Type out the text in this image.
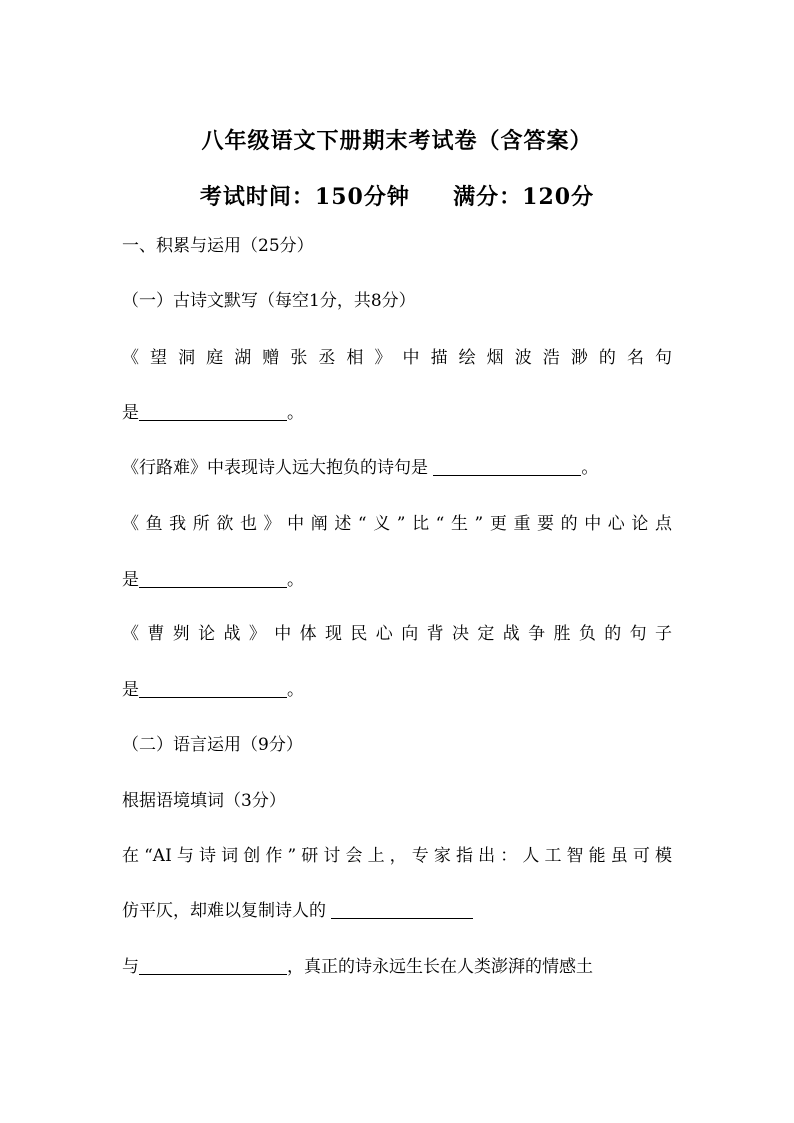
八年级语文下册期末考试卷（含答案）
考试时间：150分钟 满分：120分
一、积累与运用（25分）
（一）古诗文默写（每空1分，共8分）
《望洞庭湖赠张丞相》中描绘烟波浩渺的名句
是	。
《行路难》中表现诗人远大抱负的诗句是	。
《鱼我所欲也》中阐述“义”比“生”更重要的中心论点
是	。
《曹刿论战》中体现民心向背决定战争胜负的句子
是	。
（二）语言运用（9分）
根据语境填词（3分）
在“AI与诗词创作”研讨会上，专家指出：人工智能虽可模
仿平仄，却难以复制诗人的
与	，真正的诗永远生长在人类澎湃的情感土
